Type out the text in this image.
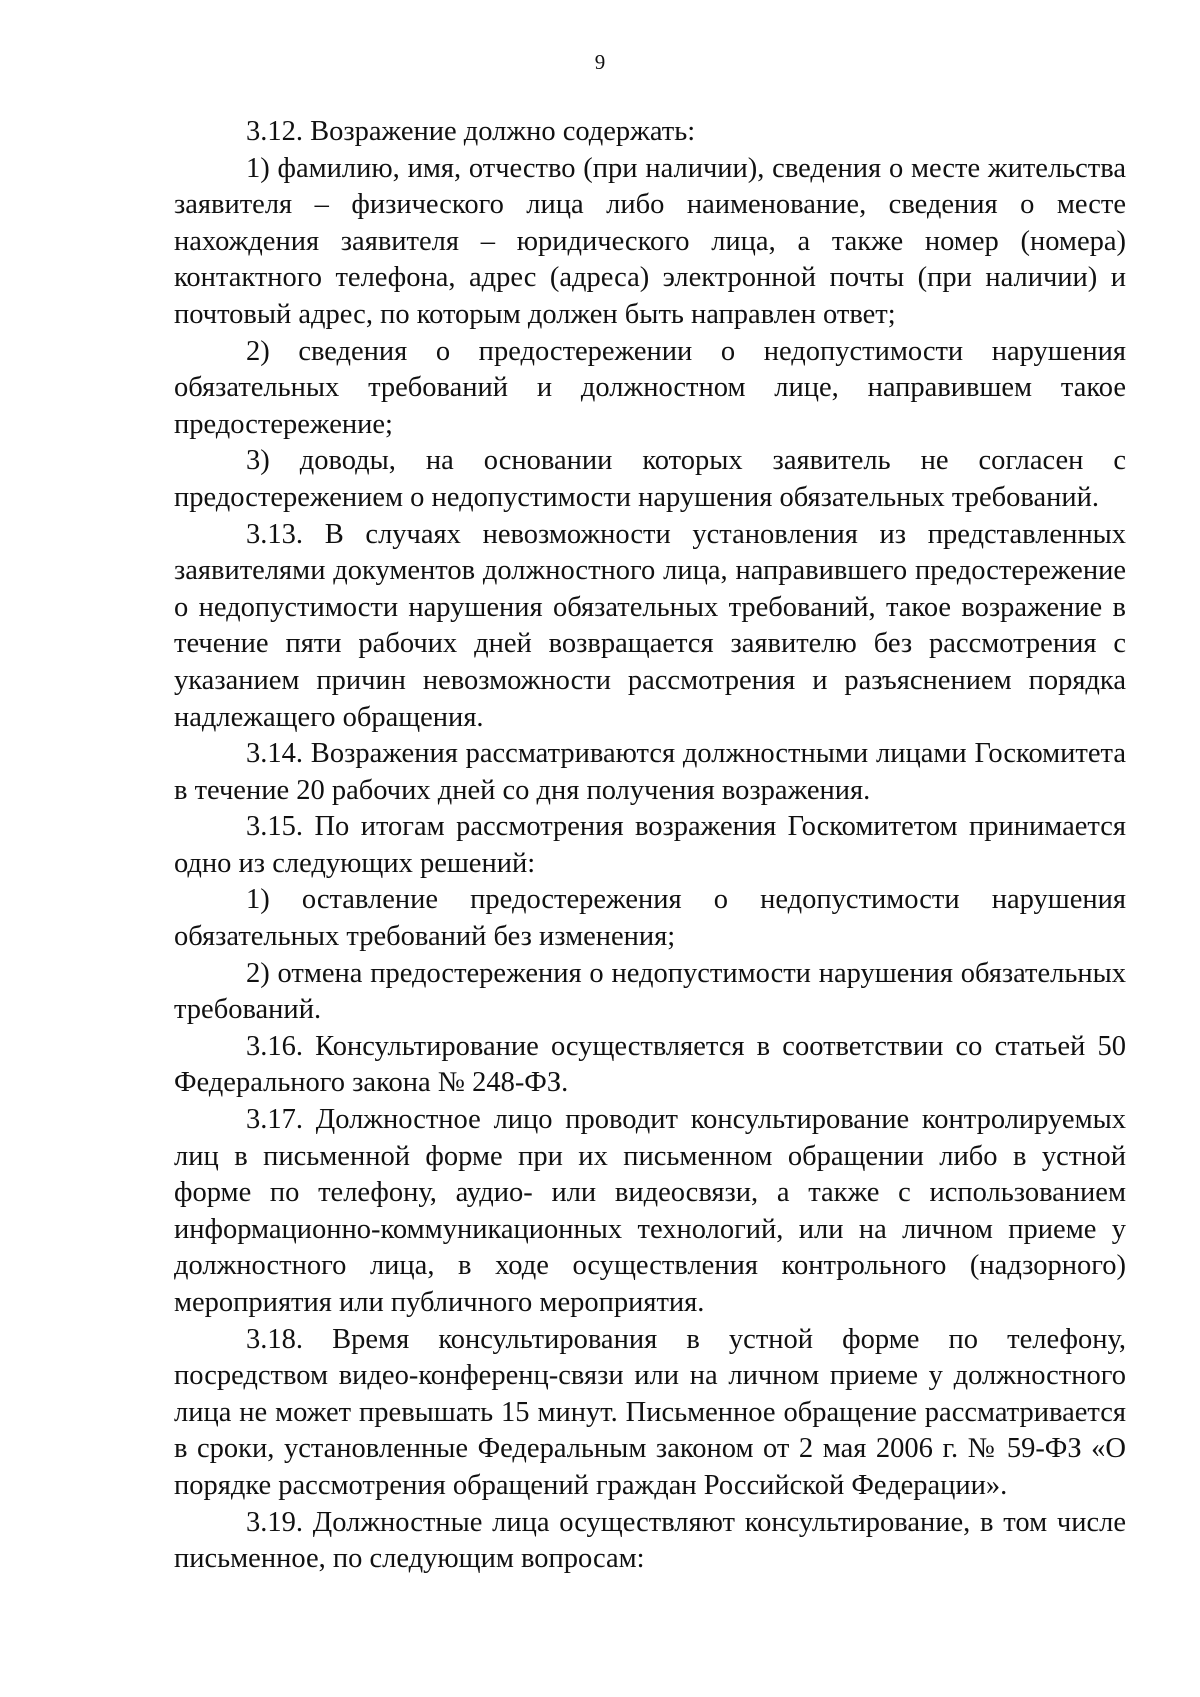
9

3.12. Возражение должно содержать:

1) фамилию, имя, отчество (при наличии), сведения о месте жительства заявителя – физического лица либо наименование, сведения о месте нахождения заявителя – юридического лица, а также номер (номера) контактного телефона, адрес (адреса) электронной почты (при наличии) и почтовый адрес, по которым должен быть направлен ответ;

2) сведения о предостережении о недопустимости нарушения обязательных требований и должностном лице, направившем такое предостережение;

3) доводы, на основании которых заявитель не согласен с предостережением о недопустимости нарушения обязательных требований.

3.13. В случаях невозможности установления из представленных заявителями документов должностного лица, направившего предостережение о недопустимости нарушения обязательных требований, такое возражение в течение пяти рабочих дней возвращается заявителю без рассмотрения с указанием причин невозможности рассмотрения и разъяснением порядка надлежащего обращения.

3.14. Возражения рассматриваются должностными лицами Госкомитета в течение 20 рабочих дней со дня получения возражения.

3.15. По итогам рассмотрения возражения Госкомитетом принимается одно из следующих решений:

1) оставление предостережения о недопустимости нарушения обязательных требований без изменения;

2) отмена предостережения о недопустимости нарушения обязательных требований.

3.16. Консультирование осуществляется в соответствии со статьей 50 Федерального закона № 248-ФЗ.

3.17. Должностное лицо проводит консультирование контролируемых лиц в письменной форме при их письменном обращении либо в устной форме по телефону, аудио- или видеосвязи, а также с использованием информационно-коммуникационных технологий, или на личном приеме у должностного лица, в ходе осуществления контрольного (надзорного) мероприятия или публичного мероприятия.

3.18. Время консультирования в устной форме по телефону, посредством видео-конференц-связи или на личном приеме у должностного лица не может превышать 15 минут. Письменное обращение рассматривается в сроки, установленные Федеральным законом от 2 мая 2006 г. № 59-ФЗ «О порядке рассмотрения обращений граждан Российской Федерации».

3.19. Должностные лица осуществляют консультирование, в том числе письменное, по следующим вопросам:
